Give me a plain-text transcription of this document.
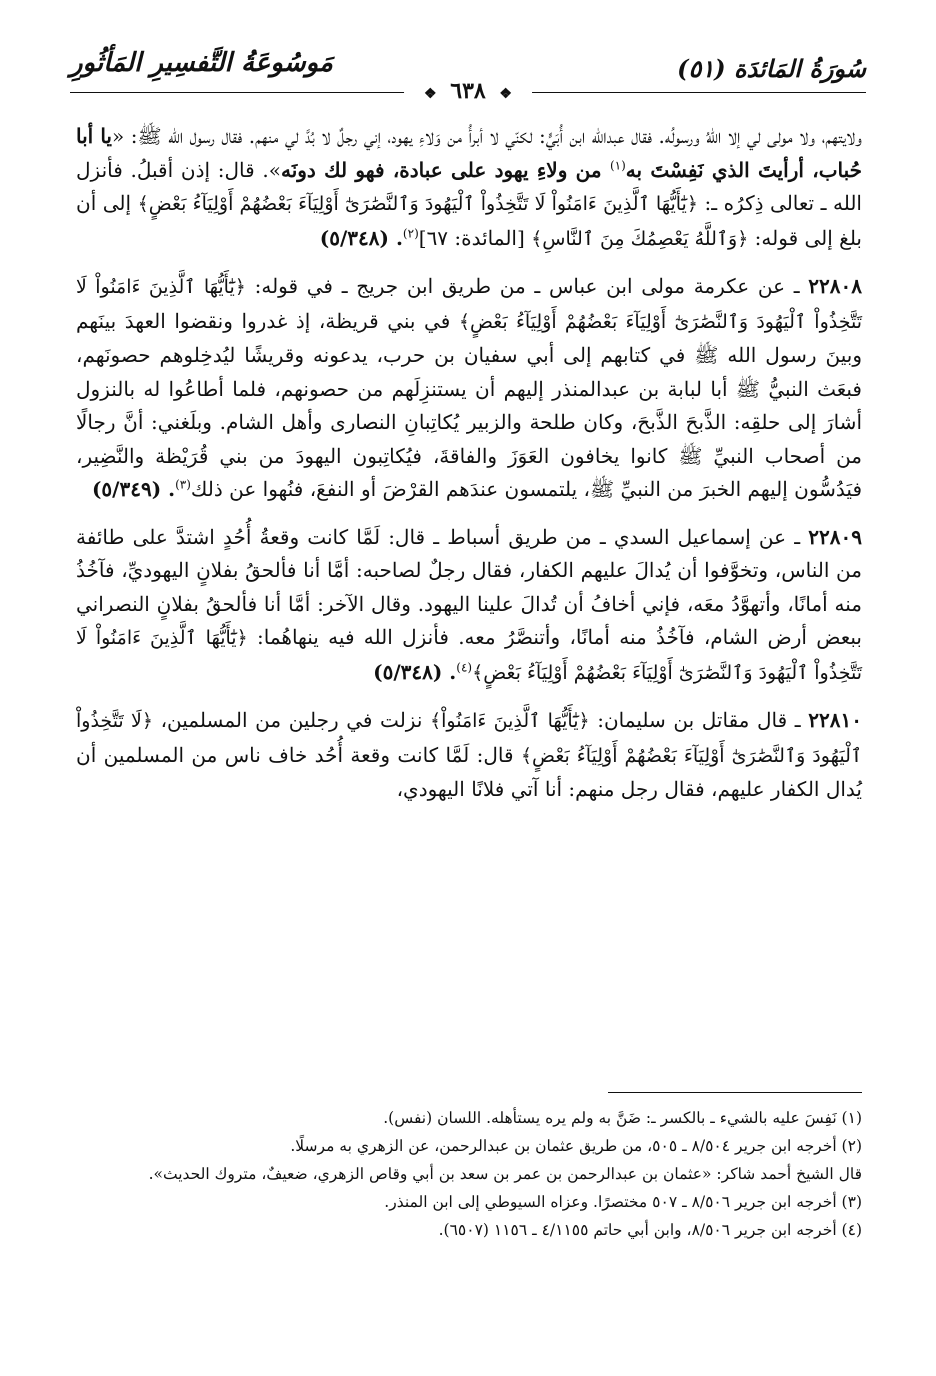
سُورَةُ المَائدَة (٥١)
مَوسُوعَةُ التَّفسِيرِ المَأثُورِ
❖ ٦٣٨ ❖

ولايتهم، ولا مولى لي إلا اللهُ ورسولُه. فقال عبدالله ابن أُبَيٍّ: لكنّي لا أبرأُ من وَلاءِ يهود، إني رجلٌ لا بُدَّ لي منهم. فقال رسول الله ﷺ: «يا أبا حُباب، أرأيتَ الذي نَفِسْتَ به$^{(١)}$ من ولاءِ يهود على عبادة، فهو لك دونَه». قال: إذن أقبلُ. فأنزل الله ـ تعالى ذِكرُه ـ: ﴿يَٰٓأَيُّهَا ٱلَّذِينَ ءَامَنُواْ لَا تَتَّخِذُواْ ٱلْيَهُودَ وَٱلنَّصَٰرَىٰٓ أَوْلِيَآءَ بَعْضُهُمْ أَوْلِيَآءُ بَعْضٍ﴾ إلى أن بلغ إلى قوله: ﴿وَٱللَّهُ يَعْصِمُكَ مِنَ ٱلنَّاسِ﴾ [المائدة: ٦٧]$^{(٢)}$. (٥/٣٤٨)

٢٢٨٠٨ ـ عن عكرمة مولى ابن عباس ـ من طريق ابن جريج ـ في قوله: ﴿يَٰٓأَيُّهَا ٱلَّذِينَ ءَامَنُواْ لَا تَتَّخِذُواْ ٱلْيَهُودَ وَٱلنَّصَٰرَىٰٓ أَوْلِيَآءَ بَعْضُهُمْ أَوْلِيَآءُ بَعْضٍ﴾ في بني قريظة، إذ غدروا ونقضوا العهدَ بينَهم وبينَ رسول الله ﷺ في كتابهم إلى أبي سفيان بن حرب، يدعونه وقريشًا ليُدخِلوهم حصونَهم، فبعَث النبيُّ ﷺ أبا لبابة بن عبدالمنذر إليهم أن يستنزِلَهم من حصونهم، فلما أطاعُوا له بالنزول أشارَ إلى حلقِه: الذَّبحَ الذَّبحَ، وكان طلحة والزبير يُكاتِبانِ النصارى وأهل الشام. وبلَغني: أنَّ رجالًا من أصحاب النبيِّ ﷺ كانوا يخافون العَوَزَ والفاقةَ، فيُكاتِبون اليهودَ من بني قُرَيْظة والنَّضِير، فيَدُسُّون إليهم الخبرَ من النبيِّ ﷺ، يلتمسون عندَهم القرْضَ أو النفعَ، فنُهوا عن ذلك$^{(٣)}$. (٥/٣٤٩)

٢٢٨٠٩ ـ عن إسماعيل السدي ـ من طريق أسباط ـ قال: لَمَّا كانت وقعةُ أُحُدٍ اشتدَّ على طائفة من الناس، وتخوَّفوا أن يُدالَ عليهم الكفار، فقال رجلٌ لصاحبه: أمَّا أنا فألحقُ بفلانٍ اليهوديِّ، فآخُذُ منه أمانًا، وأتهوَّدُ معَه، فإني أخافُ أن تُدالَ علينا اليهود. وقال الآخر: أمَّا أنا فألحقُ بفلانٍ النصراني ببعض أرض الشام، فآخُذُ منه أمانًا، وأتنصَّرُ معه. فأنزل الله فيه ينهاهُما: ﴿يَٰٓأَيُّهَا ٱلَّذِينَ ءَامَنُواْ لَا تَتَّخِذُواْ ٱلْيَهُودَ وَٱلنَّصَٰرَىٰٓ أَوْلِيَآءَ بَعْضُهُمْ أَوْلِيَآءُ بَعْضٍ﴾$^{(٤)}$. (٥/٣٤٨)

٢٢٨١٠ ـ قال مقاتل بن سليمان: ﴿يَٰٓأَيُّهَا ٱلَّذِينَ ءَامَنُواْ﴾ نزلت في رجلين من المسلمين، ﴿لَا تَتَّخِذُواْ ٱلْيَهُودَ وَٱلنَّصَٰرَىٰٓ أَوْلِيَآءَ بَعْضُهُمْ أَوْلِيَآءُ بَعْضٍ﴾ قال: لَمَّا كانت وقعة أُحُد خاف ناس من المسلمين أن يُدال الكفار عليهم، فقال رجل منهم: أنا آتي فلانًا اليهودي،

(١) نَفِسَ عليه بالشيء ـ بالكسر ـ: ضَنَّ به ولم يره يستأهله. اللسان (نفس).

(٢) أخرجه ابن جرير ٨/٥٠٤ ـ ٥٠٥، من طريق عثمان بن عبدالرحمن، عن الزهري به مرسلًا.

قال الشيخ أحمد شاكر: «عثمان بن عبدالرحمن بن عمر بن سعد بن أبي وقاص الزهري، ضعيفٌ، متروك الحديث».

(٣) أخرجه ابن جرير ٨/٥٠٦ ـ ٥٠٧ مختصرًا. وعزاه السيوطي إلى ابن المنذر.

(٤) أخرجه ابن جرير ٨/٥٠٦، وابن أبي حاتم ٤/١١٥٥ ـ ١١٥٦ (٦٥٠٧).
